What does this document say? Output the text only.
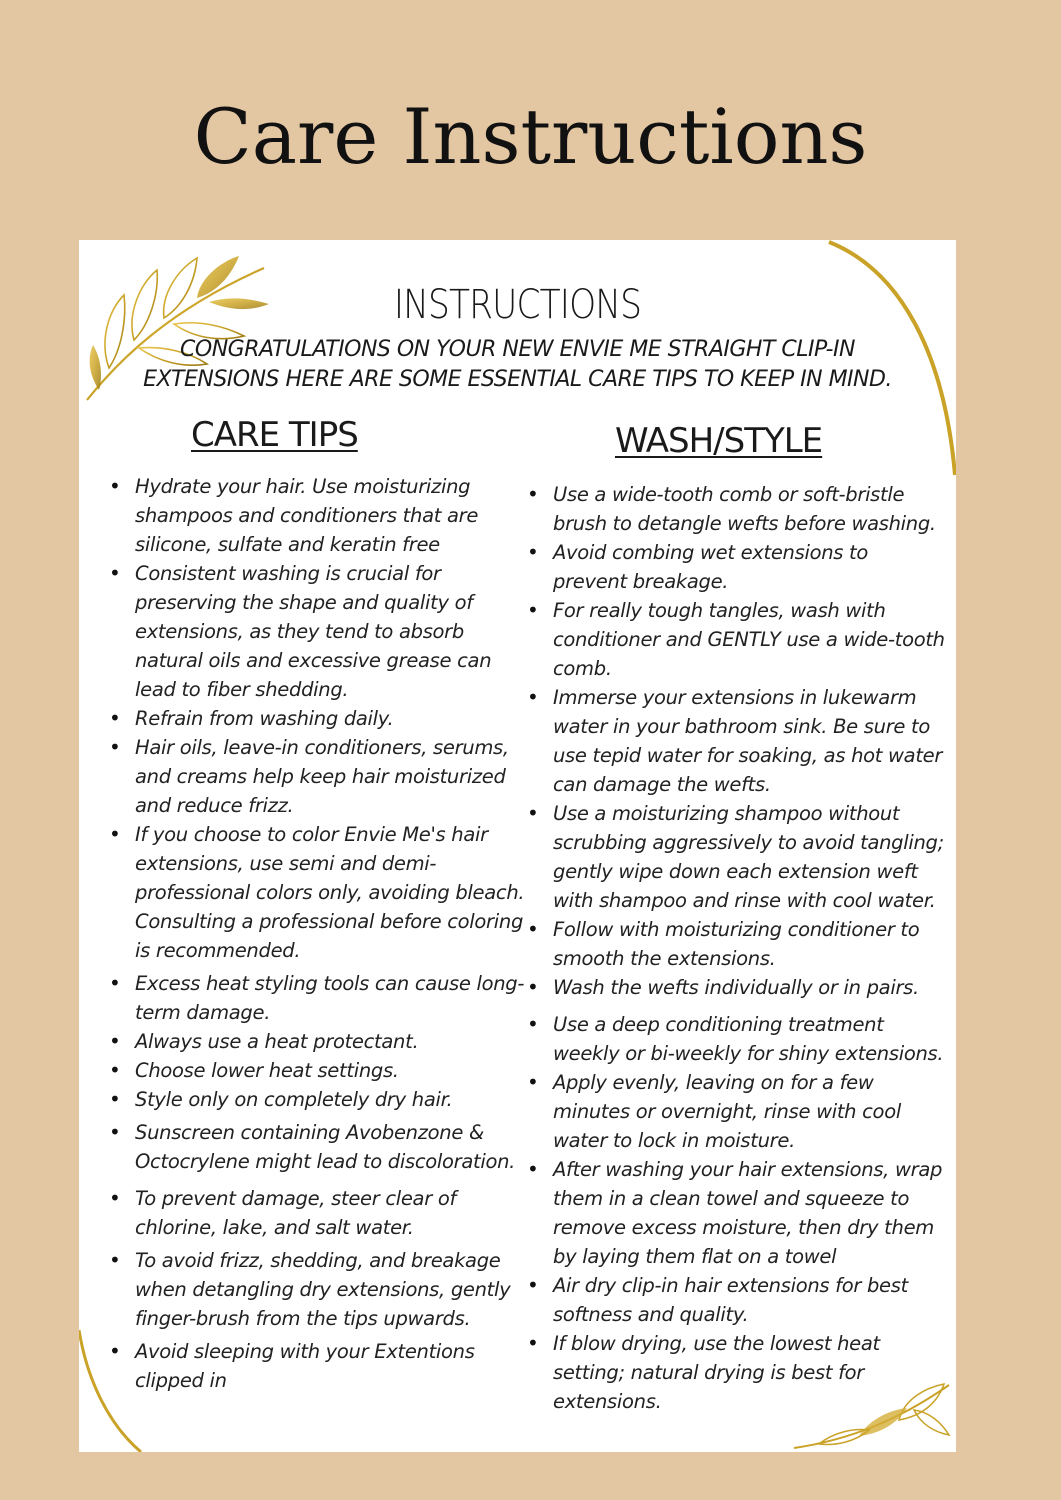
Care Instructions
INSTRUCTIONS

CONGRATULATIONS ON YOUR NEW ENVIE ME STRAIGHT CLIP-IN
EXTENSIONS HERE ARE SOME ESSENTIAL CARE TIPS TO KEEP IN MIND.

CARE TIPS	WASH/STYLE
• Hydrate your hair. Use moisturizing shampoos and conditioners that are silicone, sulfate and keratin free
• Consistent washing is crucial for preserving the shape and quality of extensions, as they tend to absorb natural oils and excessive grease can lead to fiber shedding.
• Refrain from washing daily.
• Hair oils, leave-in conditioners, serums, and creams help keep hair moisturized and reduce frizz.
• If you choose to color Envie Me's hair extensions, use semi and demi-professional colors only, avoiding bleach. Consulting a professional before coloring is recommended.
• Excess heat styling tools can cause long-term damage.
• Always use a heat protectant.
• Choose lower heat settings.
• Style only on completely dry hair.
• Sunscreen containing Avobenzone & Octocrylene might lead to discoloration.
• To prevent damage, steer clear of chlorine, lake, and salt water.
• To avoid frizz, shedding, and breakage when detangling dry extensions, gently finger-brush from the tips upwards.
• Avoid sleeping with your Extentions clipped in
• Use a wide-tooth comb or soft-bristle brush to detangle wefts before washing.
• Avoid combing wet extensions to prevent breakage.
• For really tough tangles, wash with conditioner and GENTLY use a wide-tooth comb.
• Immerse your extensions in lukewarm water in your bathroom sink. Be sure to use tepid water for soaking, as hot water can damage the wefts.
• Use a moisturizing shampoo without scrubbing aggressively to avoid tangling; gently wipe down each extension weft with shampoo and rinse with cool water.
• Follow with moisturizing conditioner to smooth the extensions.
• Wash the wefts individually or in pairs.
• Use a deep conditioning treatment weekly or bi-weekly for shiny extensions.
• Apply evenly, leaving on for a few minutes or overnight, rinse with cool water to lock in moisture.
• After washing your hair extensions, wrap them in a clean towel and squeeze to remove excess moisture, then dry them by laying them flat on a towel
• Air dry clip-in hair extensions for best softness and quality.
• If blow drying, use the lowest heat setting; natural drying is best for extensions.
